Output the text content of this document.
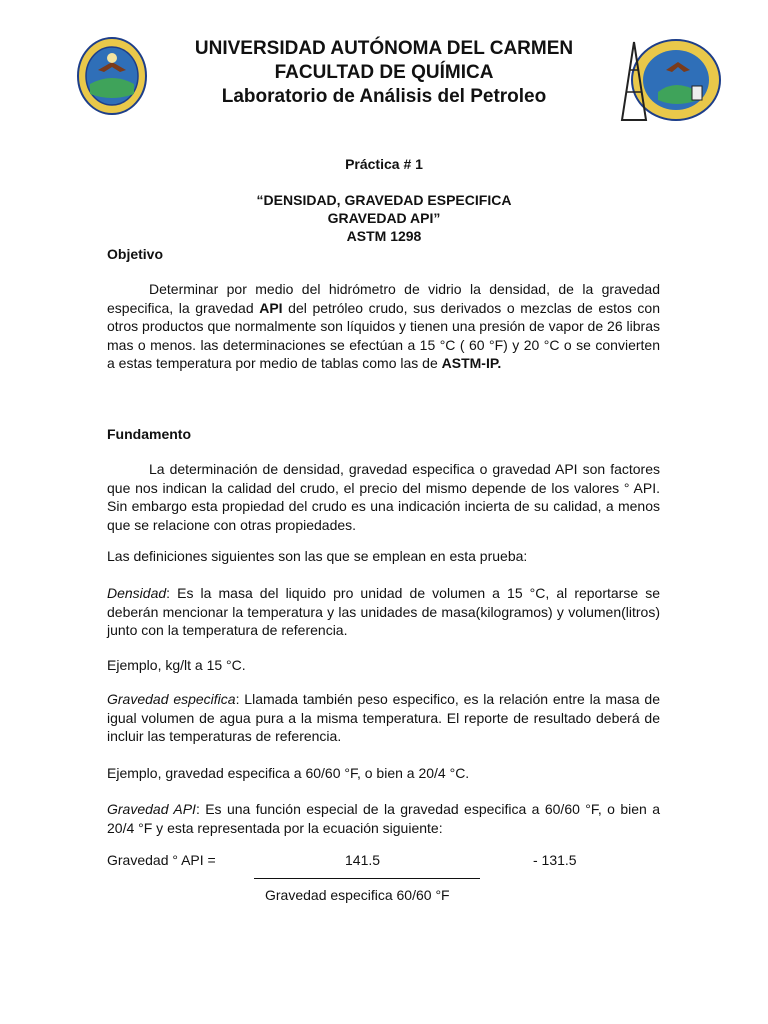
UNIVERSIDAD AUTÓNOMA DEL CARMEN
FACULTAD DE QUÍMICA
Laboratorio de Análisis del Petroleo
Práctica # 1
“DENSIDAD, GRAVEDAD ESPECIFICA
GRAVEDAD API”
ASTM 1298
Objetivo

Determinar por medio del hidrómetro de vidrio la densidad, de la gravedad especifica, la gravedad API del petróleo crudo, sus derivados o mezclas de estos con otros productos que normalmente son líquidos y tienen una presión de vapor de 26 libras mas o menos. las determinaciones se efectúan a 15 °C ( 60 °F) y 20 °C o se convierten a estas temperatura por medio de tablas como las de ASTM-IP.

Fundamento

La determinación de densidad, gravedad especifica o gravedad API son factores que nos indican la calidad del crudo, el precio del mismo depende de los valores ° API. Sin embargo esta propiedad del crudo es una indicación incierta de su calidad, a menos que se relacione con otras propiedades.

Las definiciones siguientes son las que se emplean en esta prueba:

Densidad: Es la masa del liquido pro unidad de volumen a 15 °C, al reportarse se deberán mencionar la temperatura y las unidades de masa(kilogramos) y volumen(litros) junto con la temperatura de referencia.

Ejemplo, kg/lt a 15 °C.

Gravedad especifica: Llamada también peso especifico, es la relación entre la masa de igual volumen de agua pura a la misma temperatura. El reporte de resultado deberá de incluir las temperaturas de referencia.

Ejemplo, gravedad especifica a 60/60 °F, o bien a 20/4 °C.

Gravedad API: Es una función especial de la gravedad especifica a 60/60 °F, o bien a 20/4 °F y esta representada por la ecuación siguiente:

Gravedad ° API =	141.5	- 131.5
Gravedad especifica 60/60 °F
